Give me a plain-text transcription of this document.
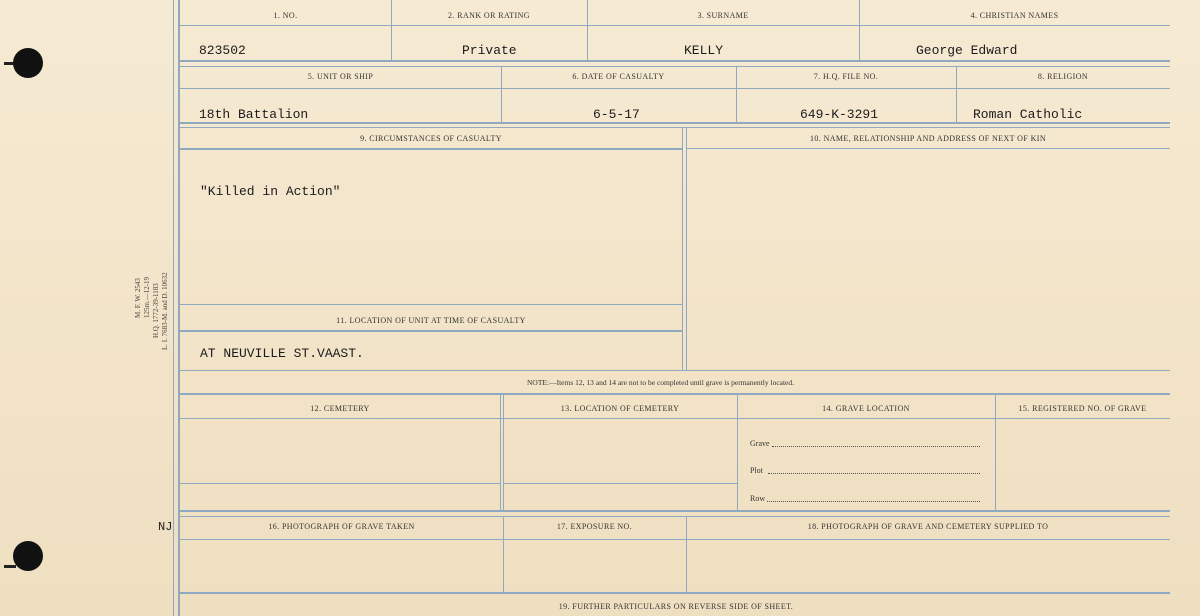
M. F. W. 2543 125m.—12-19 H.Q. 1772-39-1183 L. I. 7683-M. and D. 10632
NJ
1. NO.	2. RANK OR RATING	3. SURNAME	4. CHRISTIAN NAMES
823502	Private	KELLY	George Edward
5. UNIT OR SHIP	6. DATE OF CASUALTY	7. H.Q. FILE NO.	8. RELIGION
18th Battalion	6-5-17	649-K-3291	Roman Catholic
9. CIRCUMSTANCES OF CASUALTY	10. NAME, RELATIONSHIP AND ADDRESS OF NEXT OF KIN
"Killed in Action"
11. LOCATION OF UNIT AT TIME OF CASUALTY
AT NEUVILLE ST.VAAST.
NOTE:—Items 12, 13 and 14 are not to be completed until grave is permanently located.
12. CEMETERY	13. LOCATION OF CEMETERY	14. GRAVE LOCATION	15. REGISTERED NO. OF GRAVE
Grave
Plot
Row
16. PHOTOGRAPH OF GRAVE TAKEN	17. EXPOSURE NO.	18. PHOTOGRAPH OF GRAVE AND CEMETERY SUPPLIED TO
19. FURTHER PARTICULARS ON REVERSE SIDE OF SHEET.
